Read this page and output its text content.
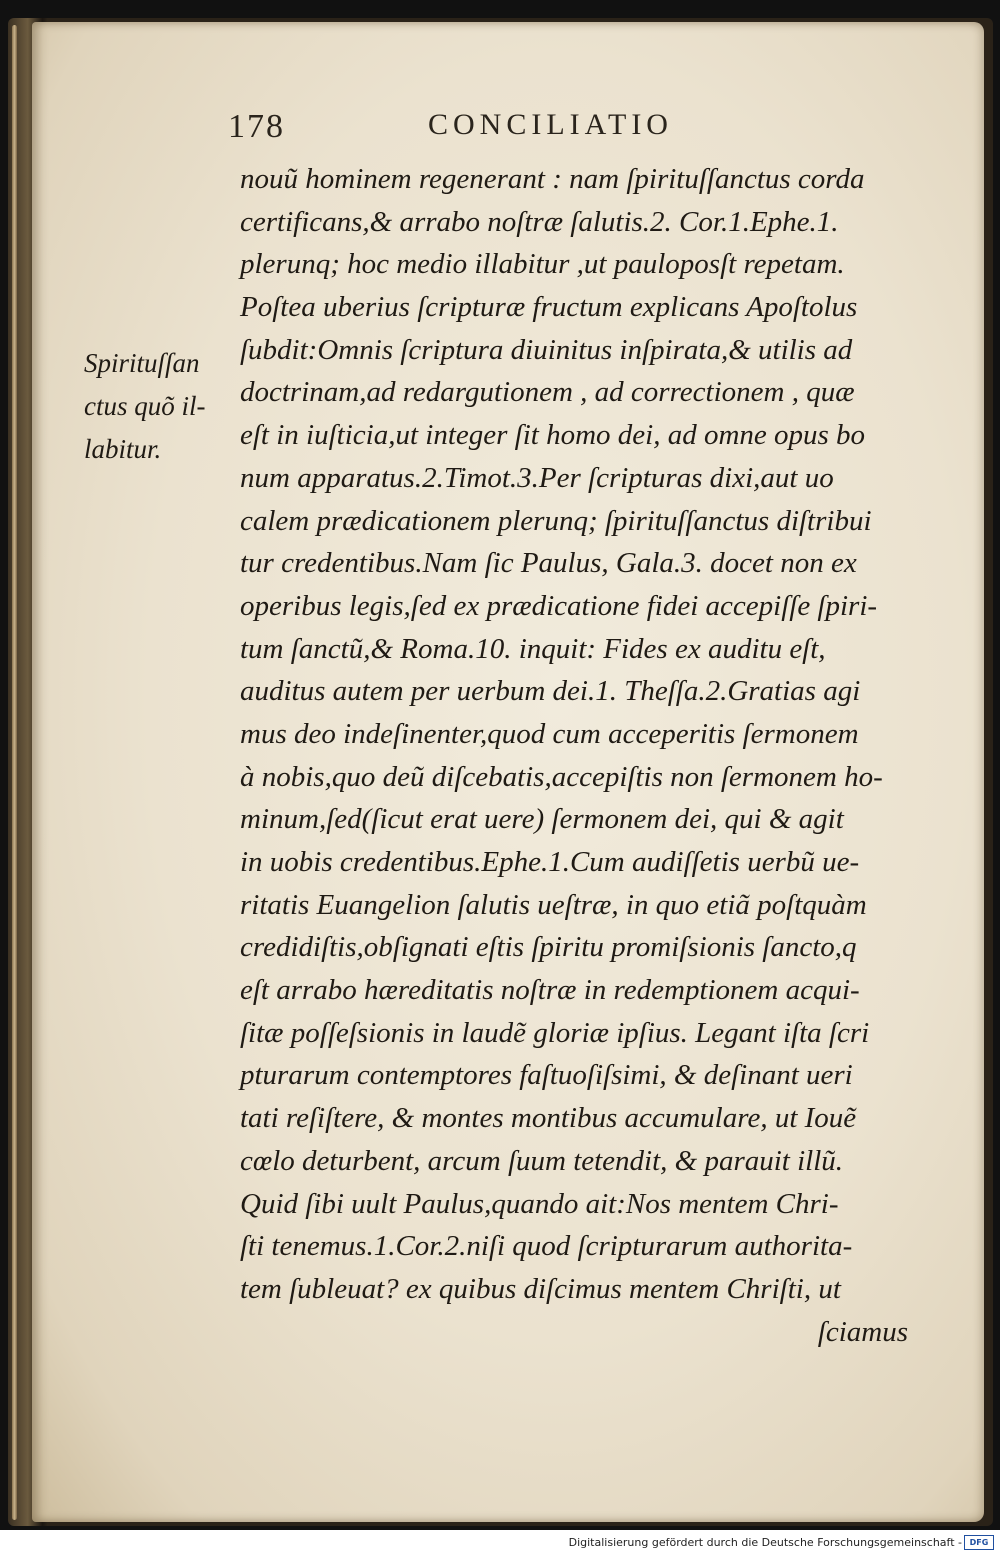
178	CONCILIATIO
Spirituſſan
ctus quõ il-
labitur.
nouũ hominem regenerant : nam ſpirituſſanctus corda
certificans,& arrabo noſtræ ſalutis.2. Cor.1.Ephe.1.
plerunq; hoc medio illabitur ,ut pauloposſt repetam.
Poſtea uberius ſcripturæ fructum explicans Apoſtolus
ſubdit:Omnis ſcriptura diuinitus inſpirata,& utilis ad
doctrinam,ad redargutionem , ad correctionem , quæ
eſt in iuſticia,ut integer ſit homo dei, ad omne opus bo
num apparatus.2.Timot.3.Per ſcripturas dixi,aut uo
calem prædicationem plerunq; ſpirituſſanctus diſtribui
tur credentibus.Nam ſic Paulus, Gala.3. docet non ex
operibus legis,ſed ex prædicatione fidei accepiſſe ſpiri-
tum ſanctũ,& Roma.10. inquit: Fides ex auditu eſt,
auditus autem per uerbum dei.1. Theſſa.2.Gratias agi
mus deo indeſinenter,quod cum acceperitis ſermonem
à nobis,quo deũ diſcebatis,accepiſtis non ſermonem ho-
minum,ſed(ſicut erat uere) ſermonem dei, qui & agit
in uobis credentibus.Ephe.1.Cum audiſſetis uerbũ ue-
ritatis Euangelion ſalutis ueſtræ, in quo etiã poſtquàm
credidiſtis,obſignati eſtis ſpiritu promiſsionis ſancto,q
eſt arrabo hæreditatis noſtræ in redemptionem acqui-
ſitæ poſſeſsionis in laudẽ gloriæ ipſius. Legant iſta ſcri
pturarum contemptores faſtuoſiſsimi, & deſinant ueri
tati reſiſtere, & montes montibus accumulare, ut Iouẽ
cœlo deturbent, arcum ſuum tetendit, & parauit illũ.
Quid ſibi uult Paulus,quando ait:Nos mentem Chri-
ſti tenemus.1.Cor.2.niſi quod ſcripturarum authorita-
tem ſubleuat? ex quibus diſcimus mentem Chriſti, ut
ſciamus
Digitalisierung gefördert durch die Deutsche Forschungsgemeinschaft - DFG
